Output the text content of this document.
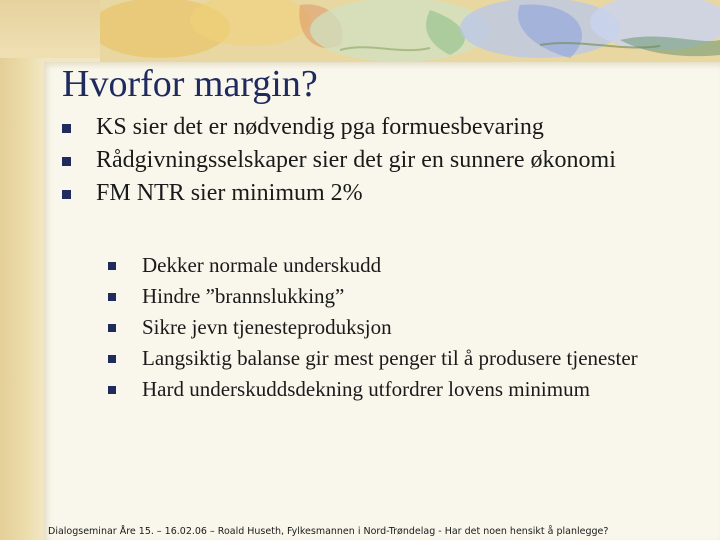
Hvorfor margin?
KS sier det er nødvendig pga formuesbevaring
Rådgivningsselskaper sier det gir en sunnere økonomi
FM NTR sier minimum 2%
Dekker normale underskudd
Hindre ”brannslukking”
Sikre jevn tjenesteproduksjon
Langsiktig balanse gir mest penger til å produsere tjenester
Hard underskuddsdekning utfordrer lovens minimum
Dialogseminar Åre 15. – 16.02.06 – Roald Huseth, Fylkesmannen i Nord-Trøndelag - Har det noen hensikt å planlegge?
